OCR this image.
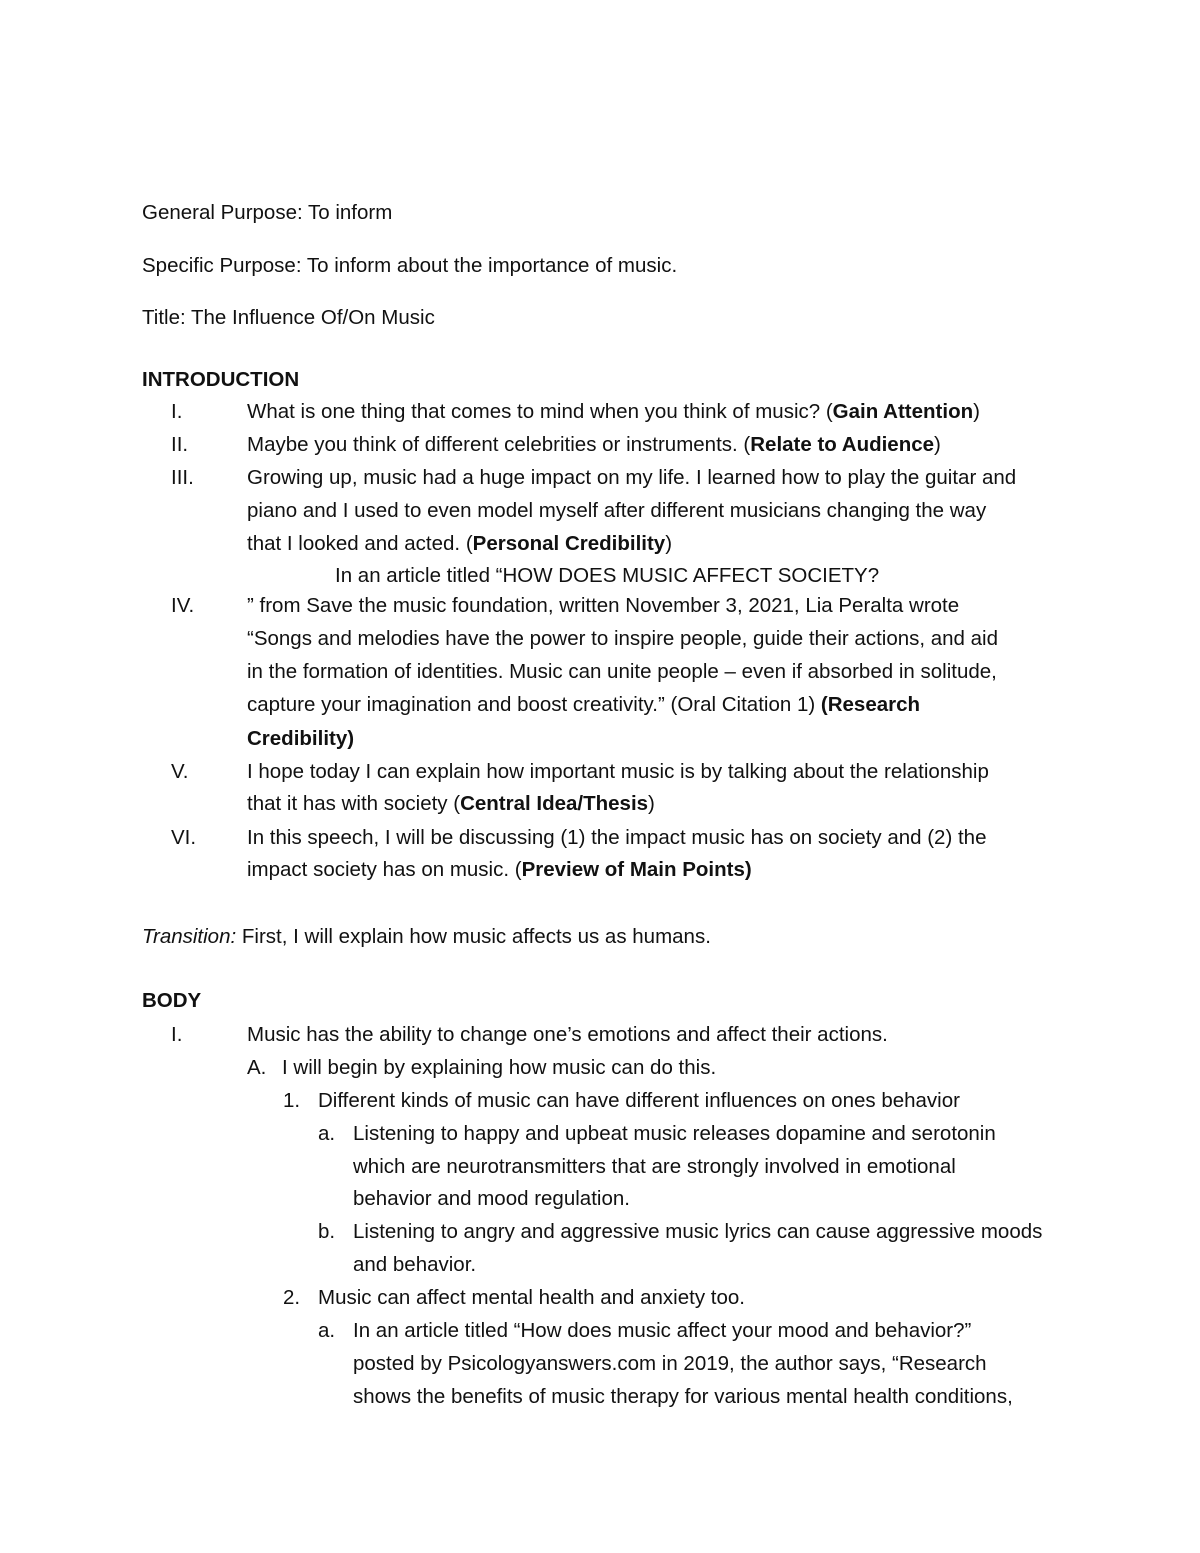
General Purpose: To inform
Specific Purpose: To inform about the importance of music.
Title: The Influence Of/On Music
INTRODUCTION
I.	What is one thing that comes to mind when you think of music? (Gain Attention)
II.	Maybe you think of different celebrities or instruments. (Relate to Audience)
III.	Growing up, music had a huge impact on my life. I learned how to play the guitar and
piano and I used to even model myself after different musicians changing the way
that I looked and acted. (Personal Credibility)
In an article titled “HOW DOES MUSIC AFFECT SOCIETY?
IV.	” from Save the music foundation, written November 3, 2021, Lia Peralta wrote
“Songs and melodies have the power to inspire people, guide their actions, and aid
in the formation of identities. Music can unite people – even if absorbed in solitude,
capture your imagination and boost creativity.” (Oral Citation 1) (Research
Credibility)
V.	I hope today I can explain how important music is by talking about the relationship
that it has with society (Central Idea/Thesis)
VI. In this speech, I will be discussing (1) the impact music has on society and (2) the
impact society has on music. (Preview of Main Points)
Transition: First, I will explain how music affects us as humans.
BODY
I.	Music has the ability to change one’s emotions and affect their actions.
A. I will begin by explaining how music can do this.
1. Different kinds of music can have different influences on ones behavior
a. Listening to happy and upbeat music releases dopamine and serotonin
which are neurotransmitters that are strongly involved in emotional
behavior and mood regulation.
b. Listening to angry and aggressive music lyrics can cause aggressive moods
and behavior.
2. Music can affect mental health and anxiety too.
a. In an article titled “How does music affect your mood and behavior?”
posted by Psicologyanswers.com in 2019, the author says, “Research
shows the benefits of music therapy for various mental health conditions,
